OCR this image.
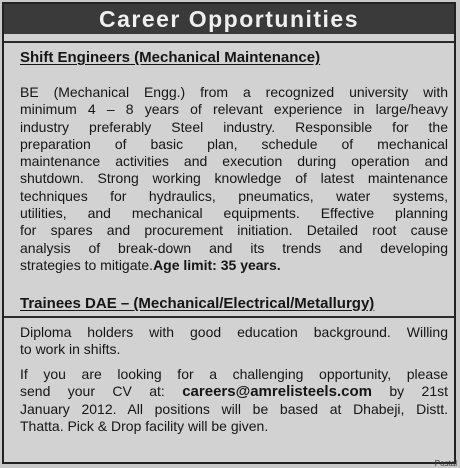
Career Opportunities
Shift Engineers (Mechanical Maintenance)
BE (Mechanical Engg.) from a recognized university with
minimum 4 – 8 years of relevant experience in large/heavy
industry preferably Steel industry. Responsible for the
preparation of basic plan, schedule of mechanical
maintenance activities and execution during operation and
shutdown. Strong working knowledge of latest maintenance
techniques for hydraulics, pneumatics, water systems,
utilities, and mechanical equipments. Effective planning
for spares and procurement initiation. Detailed root cause
analysis of break-down and its trends and developing
strategies to mitigate.Age limit: 35 years.
Trainees DAE – (Mechanical/Electrical/Metallurgy)
Diploma holders with good education background. Willing
to work in shifts.
If you are looking for a challenging opportunity, please
send your CV at: careers@amrelisteels.com by 21st
January 2012. All positions will be based at Dhabeji, Distt.
Thatta. Pick & Drop facility will be given.
Postal
